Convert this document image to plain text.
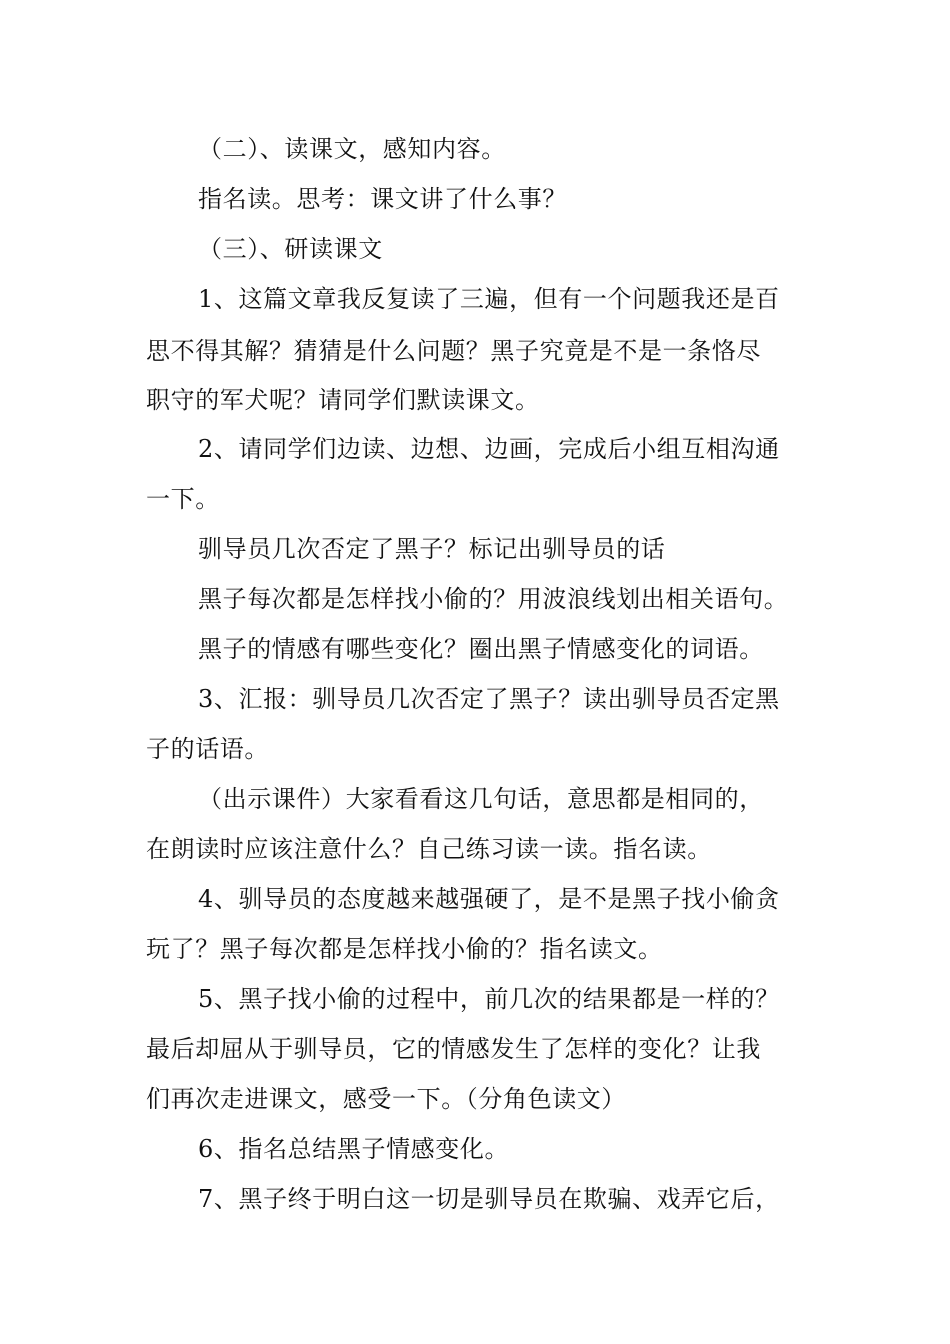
（二）、读课文，感知内容。
指名读。思考：课文讲了什么事？
（三）、研读课文
1、这篇文章我反复读了三遍，但有一个问题我还是百
思不得其解？猜猜是什么问题？黑子究竟是不是一条恪尽
职守的军犬呢？请同学们默读课文。
2、请同学们边读、边想、边画，完成后小组互相沟通
一下。
驯导员几次否定了黑子？标记出驯导员的话
黑子每次都是怎样找小偷的？用波浪线划出相关语句。
黑子的情感有哪些变化？圈出黑子情感变化的词语。
3、汇报：驯导员几次否定了黑子？读出驯导员否定黑
子的话语。
（出示课件）大家看看这几句话，意思都是相同的，
在朗读时应该注意什么？自己练习读一读。指名读。
4、驯导员的态度越来越强硬了，是不是黑子找小偷贪
玩了？黑子每次都是怎样找小偷的？指名读文。
5、黑子找小偷的过程中，前几次的结果都是一样的？
最后却屈从于驯导员，它的情感发生了怎样的变化？让我
们再次走进课文，感受一下。（分角色读文）
6、指名总结黑子情感变化。
7、黑子终于明白这一切是驯导员在欺骗、戏弄它后，
